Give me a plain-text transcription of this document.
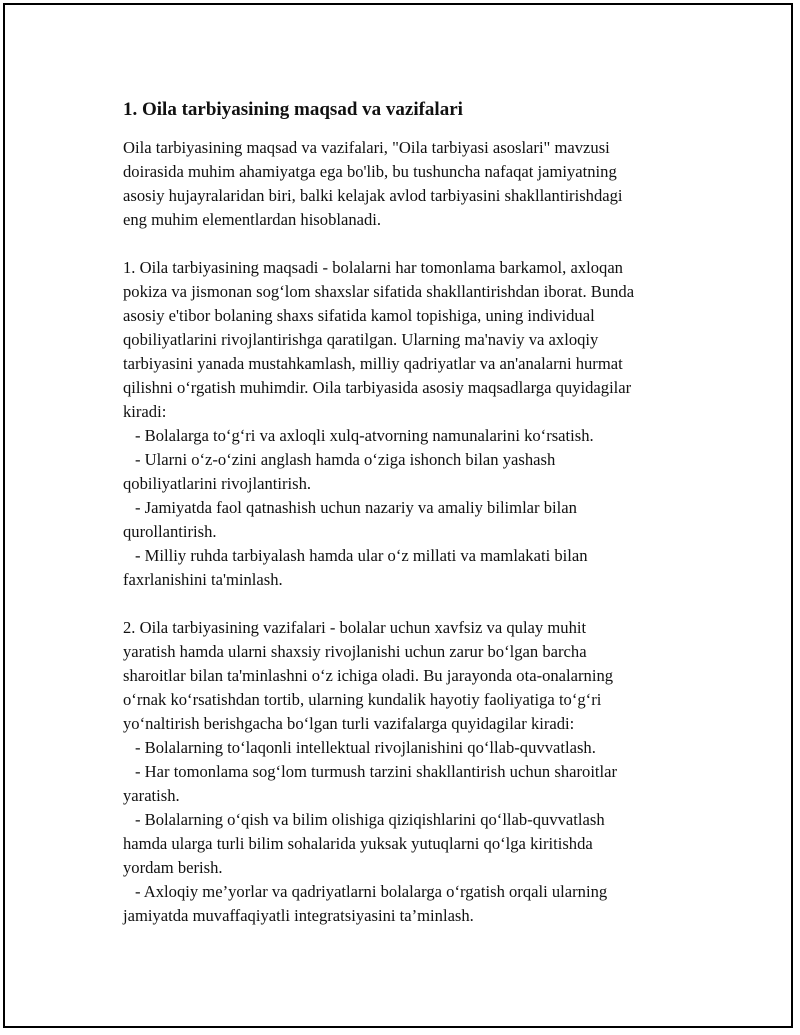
1. Oila tarbiyasining maqsad va vazifalari

Oila tarbiyasining maqsad va vazifalari, "Oila tarbiyasi asoslari" mavzusi

doirasida muhim ahamiyatga ega bo'lib, bu tushuncha nafaqat jamiyatning

asosiy hujayralaridan biri, balki kelajak avlod tarbiyasini shakllantirishdagi

eng muhim elementlardan hisoblanadi.

1. Oila tarbiyasining maqsadi - bolalarni har tomonlama barkamol, axloqan

pokiza va jismonan sog‘lom shaxslar sifatida shakllantirishdan iborat. Bunda

asosiy e'tibor bolaning shaxs sifatida kamol topishiga, uning individual

qobiliyatlarini rivojlantirishga qaratilgan. Ularning ma'naviy va axloqiy

tarbiyasini yanada mustahkamlash, milliy qadriyatlar va an'analarni hurmat

qilishni o‘rgatish muhimdir. Oila tarbiyasida asosiy maqsadlarga quyidagilar

kiradi:

- Bolalarga to‘g‘ri va axloqli xulq-atvorning namunalarini ko‘rsatish.

- Ularni o‘z-o‘zini anglash hamda o‘ziga ishonch bilan yashash

qobiliyatlarini rivojlantirish.

- Jamiyatda faol qatnashish uchun nazariy va amaliy bilimlar bilan

qurollantirish.

- Milliy ruhda tarbiyalash hamda ular o‘z millati va mamlakati bilan

faxrlanishini ta'minlash.

2. Oila tarbiyasining vazifalari - bolalar uchun xavfsiz va qulay muhit

yaratish hamda ularni shaxsiy rivojlanishi uchun zarur bo‘lgan barcha

sharoitlar bilan ta'minlashni o‘z ichiga oladi. Bu jarayonda ota-onalarning

o‘rnak ko‘rsatishdan tortib, ularning kundalik hayotiy faoliyatiga to‘g‘ri

yo‘naltirish berishgacha bo‘lgan turli vazifalarga quyidagilar kiradi:

- Bolalarning to‘laqonli intellektual rivojlanishini qo‘llab-quvvatlash.

- Har tomonlama sog‘lom turmush tarzini shakllantirish uchun sharoitlar

yaratish.

- Bolalarning o‘qish va bilim olishiga qiziqishlarini qo‘llab-quvvatlash

hamda ularga turli bilim sohalarida yuksak yutuqlarni qo‘lga kiritishda

yordam berish.

- Axloqiy me’yorlar va qadriyatlarni bolalarga o‘rgatish orqali ularning

jamiyatda muvaffaqiyatli integratsiyasini ta’minlash.
